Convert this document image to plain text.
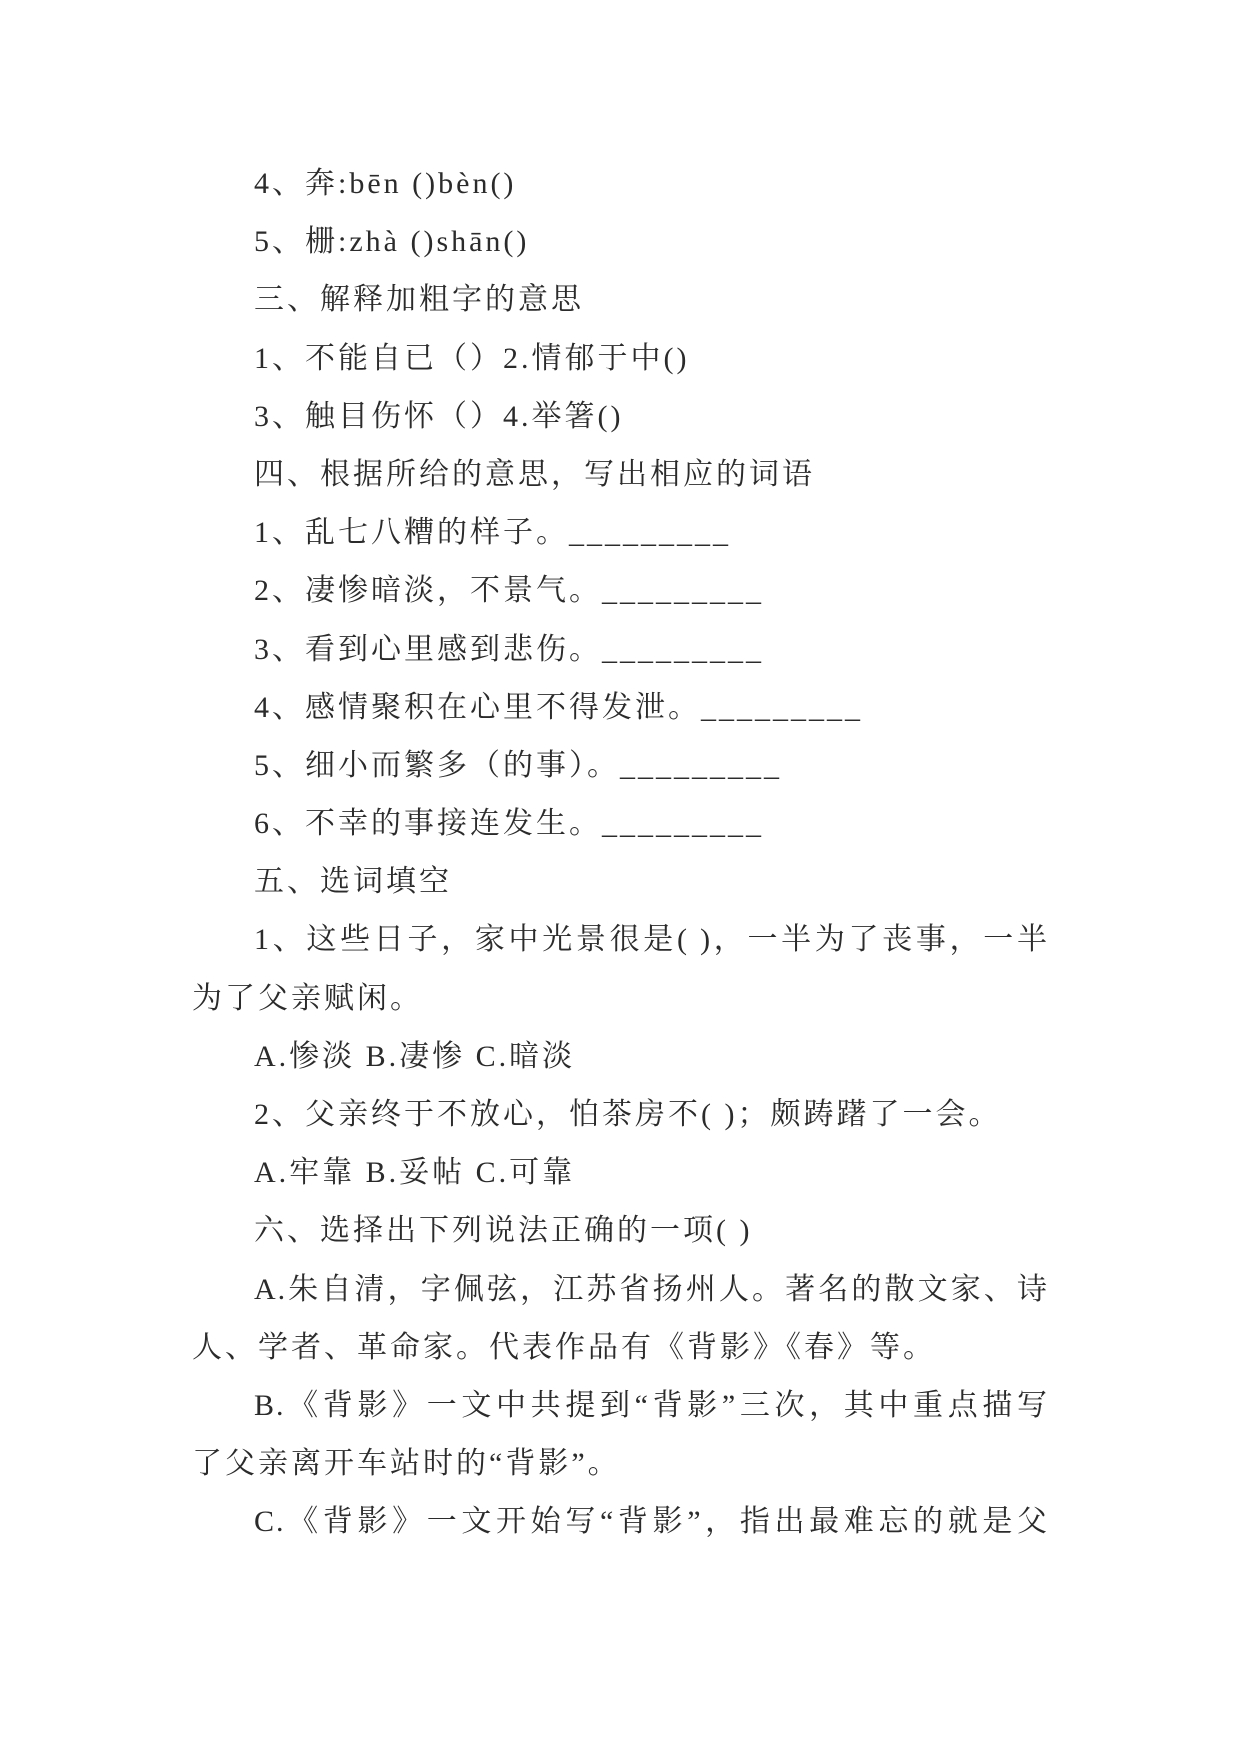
4、奔:bēn ()bèn()
5、栅:zhà ()shān()
三、解释加粗字的意思
1、不能自已（）2.情郁于中()
3、触目伤怀（）4.举箸()
四、根据所给的意思，写出相应的词语
1、乱七八糟的样子。_________
2、凄惨暗淡，不景气。_________
3、看到心里感到悲伤。_________
4、感情聚积在心里不得发泄。_________
5、细小而繁多（的事）。_________
6、不幸的事接连发生。_________
五、选词填空
1、这些日子，家中光景很是( )，一半为了丧事，一半
为了父亲赋闲。
A.惨淡 B.凄惨 C.暗淡
2、父亲终于不放心，怕茶房不( )；颇踌躇了一会。
A.牢靠 B.妥帖 C.可靠
六、选择出下列说法正确的一项( )
A.朱自清，字佩弦，江苏省扬州人。著名的散文家、诗
人、学者、革命家。代表作品有《背影》《春》等。
B.《背影》一文中共提到“背影”三次，其中重点描写
了父亲离开车站时的“背影”。
C.《背影》一文开始写“背影”，指出最难忘的就是父
